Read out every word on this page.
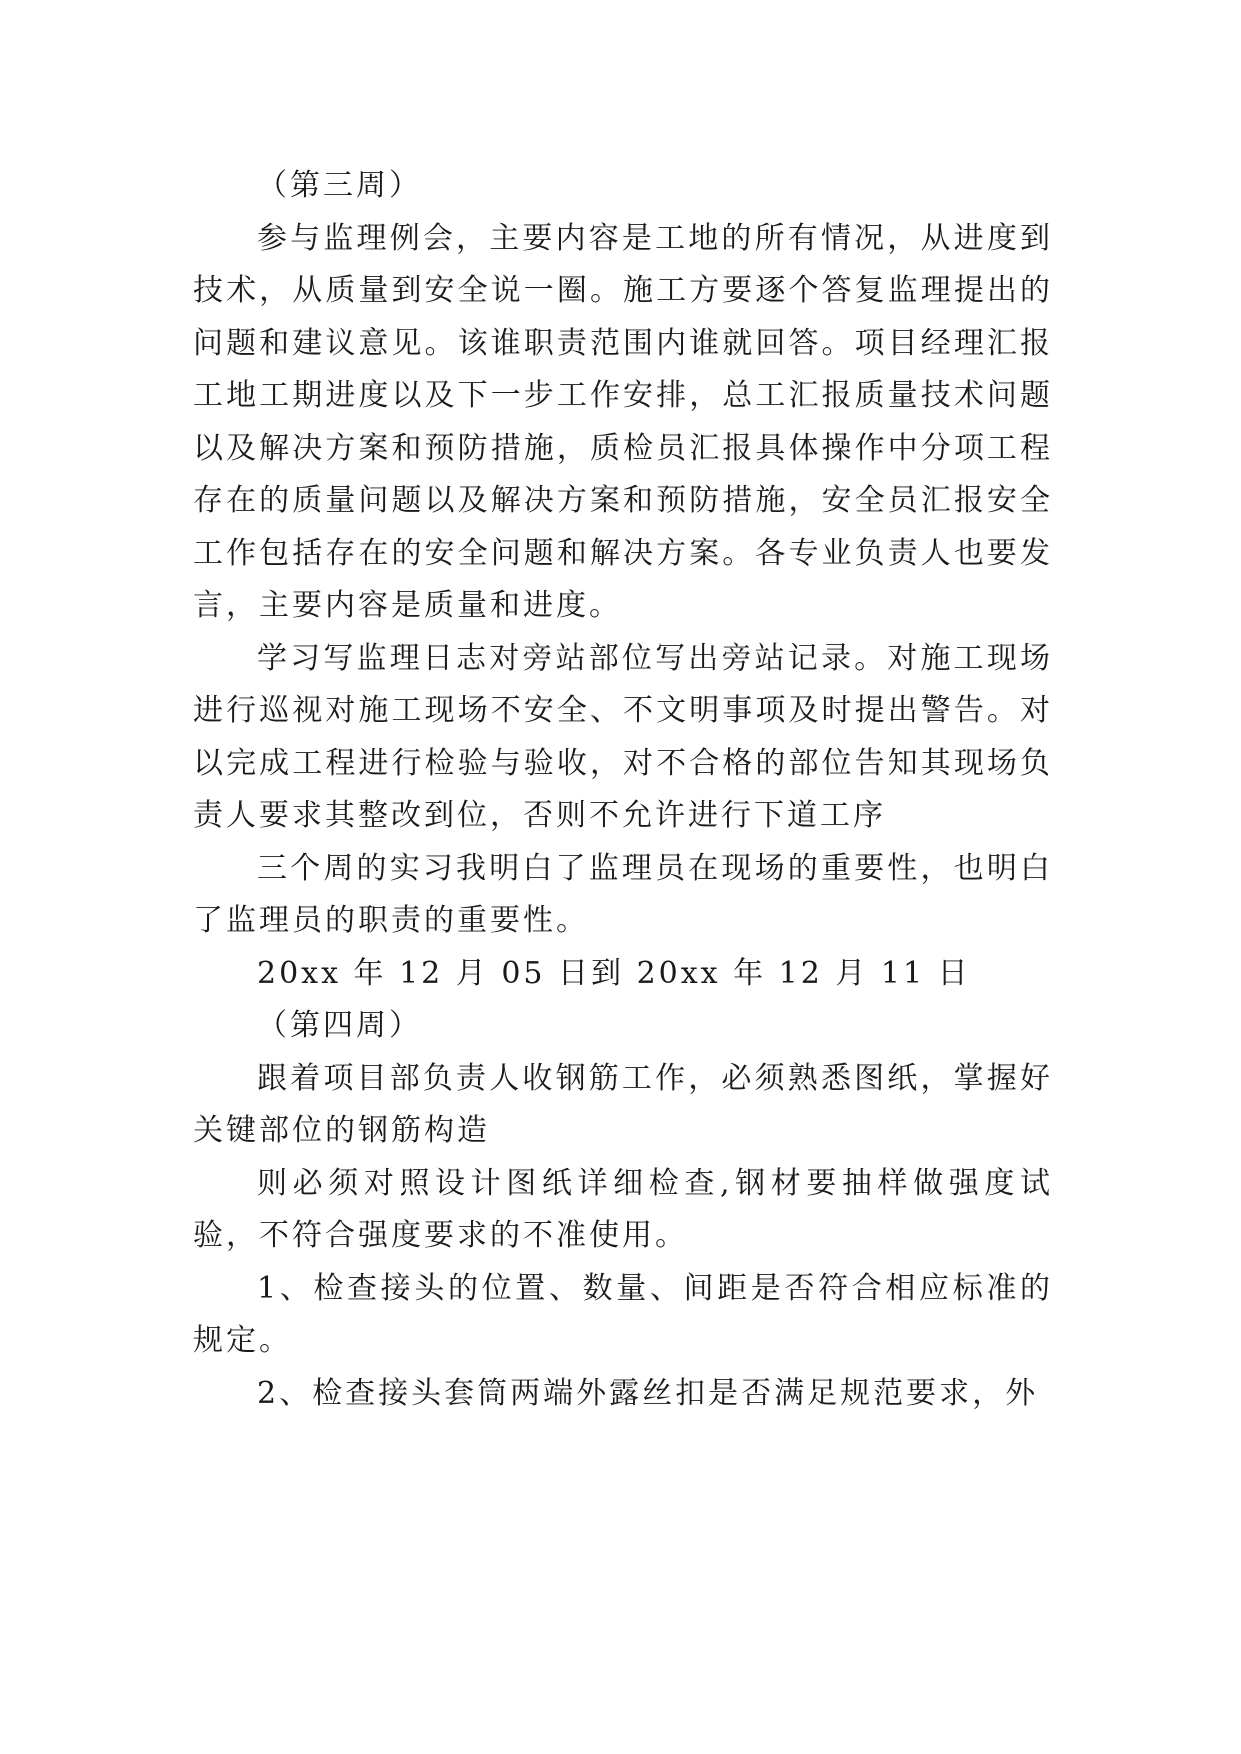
（第三周）

参与监理例会，主要内容是工地的所有情况，从进度到技术，从质量到安全说一圈。施工方要逐个答复监理提出的问题和建议意见。该谁职责范围内谁就回答。项目经理汇报工地工期进度以及下一步工作安排，总工汇报质量技术问题以及解决方案和预防措施，质检员汇报具体操作中分项工程存在的质量问题以及解决方案和预防措施，安全员汇报安全工作包括存在的安全问题和解决方案。各专业负责人也要发言，主要内容是质量和进度。

学习写监理日志对旁站部位写出旁站记录。对施工现场进行巡视对施工现场不安全、不文明事项及时提出警告。对以完成工程进行检验与验收，对不合格的部位告知其现场负责人要求其整改到位，否则不允许进行下道工序

三个周的实习我明白了监理员在现场的重要性，也明白了监理员的职责的重要性。

20xx 年 12 月 05 日到 20xx 年 12 月 11 日

（第四周）

跟着项目部负责人收钢筋工作，必须熟悉图纸，掌握好关键部位的钢筋构造

则必须对照设计图纸详细检查,钢材要抽样做强度试验，不符合强度要求的不准使用。

1、检查接头的位置、数量、间距是否符合相应标准的规定。

2、检查接头套筒两端外露丝扣是否满足规范要求，外
